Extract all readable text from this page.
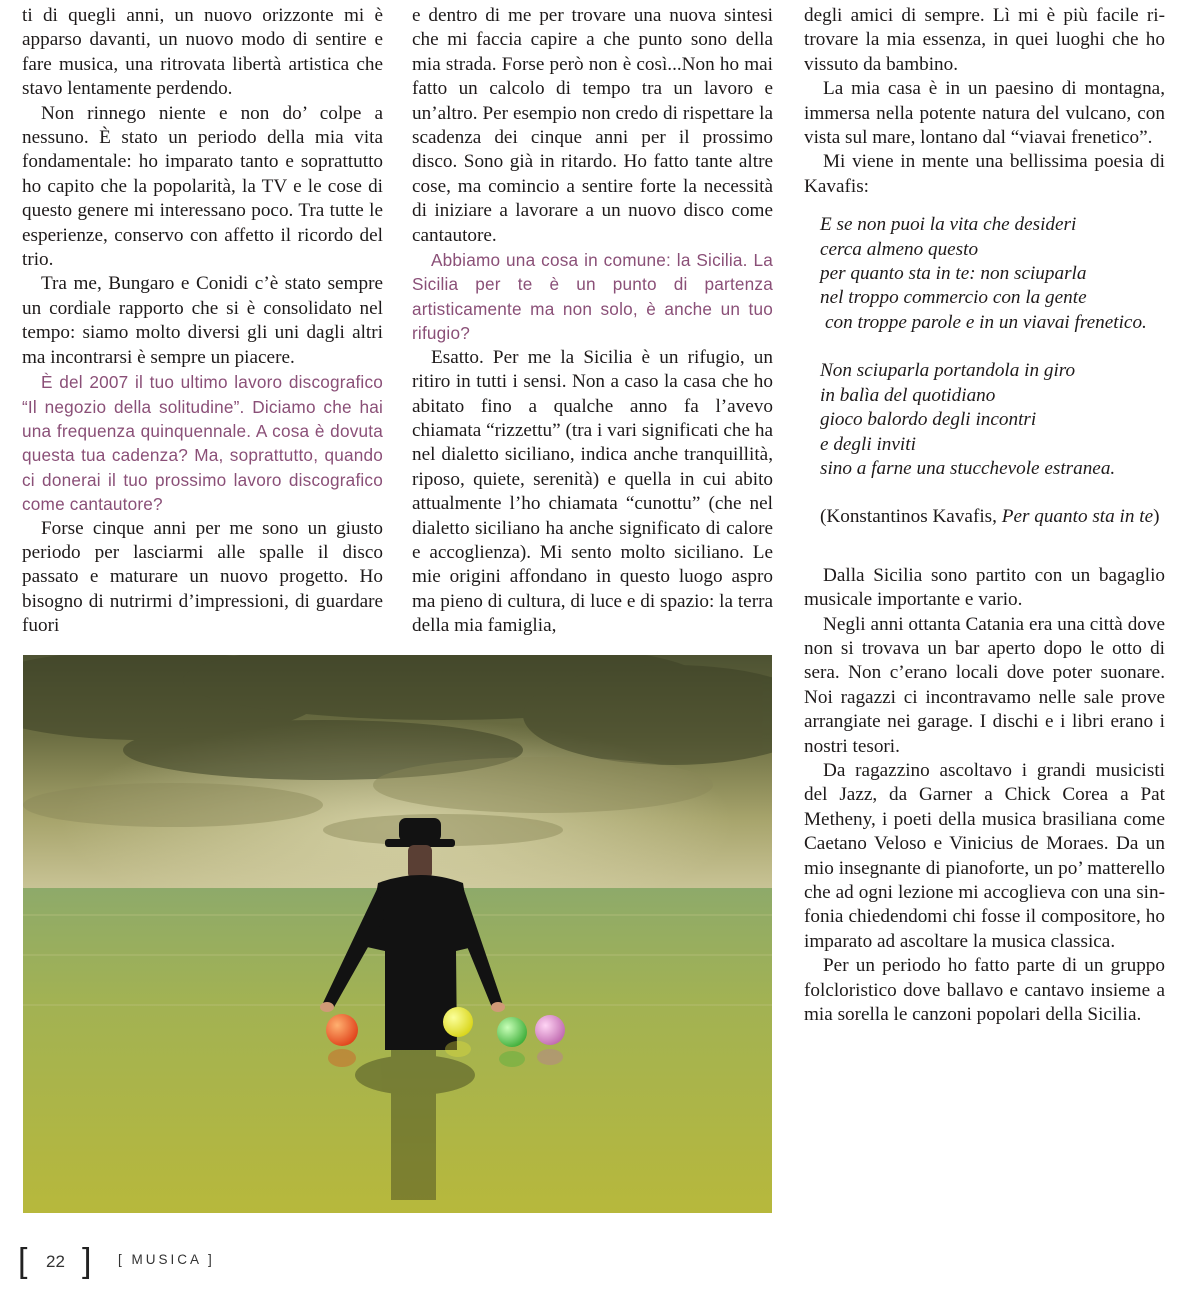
ti di quegli anni, un nuovo orizzonte mi è apparso davanti, un nuovo modo di sentire e fare musica, una ritrovata libertà artistica che stavo lentamente perdendo.

Non rinnego niente e non do’ colpe a nessuno. È stato un periodo della mia vita fondamentale: ho imparato tanto e soprattutto ho capito che la popolarità, la TV e le cose di questo genere mi interessano poco. Tra tutte le esperienze, conservo con affetto il ricordo del trio.

Tra me, Bungaro e Conidi c’è stato sempre un cordiale rapporto che si è consolidato nel tempo: siamo molto diversi gli uni dagli altri ma incontrarsi è sempre un piacere.

È del 2007 il tuo ultimo lavoro discografico “Il negozio della solitudine”. Diciamo che hai una frequenza quinquennale. A cosa è dovuta questa tua cadenza? Ma, soprattutto, quando ci donerai il tuo prossimo lavoro discografico come cantautore?

Forse cinque anni per me sono un giusto periodo per lasciarmi alle spalle il disco passato e maturare un nuovo progetto. Ho bisogno di nutrirmi d’impressioni, di guardare fuori

e dentro di me per trovare una nuova sintesi che mi faccia capire a che punto sono della mia strada. Forse però non è così...Non ho mai fatto un calcolo di tempo tra un lavoro e un’altro. Per esempio non credo di rispettare la scadenza dei cinque anni per il prossimo disco. Sono già in ritardo. Ho fatto tante altre cose, ma comincio a sentire forte la necessità di iniziare a lavorare a un nuovo disco come cantautore.

Abbiamo una cosa in comune: la Sicilia. La Sicilia per te è un punto di partenza artisticamente ma non solo, è anche un tuo rifugio?

Esatto. Per me la Sicilia è un rifugio, un ritiro in tutti i sensi. Non a caso la casa che ho abitato fino a qualche anno fa l’avevo chiamata “rizzettu” (tra i vari significati che ha nel dialetto siciliano, indica anche tranquillità, riposo, quiete, serenità) e quella in cui abito attualmente l’ho chiamata “cunottu” (che nel dialetto siciliano ha anche significato di calore e accoglienza). Mi sento molto siciliano. Le mie origini affondano in questo luogo aspro ma pieno di cultura, di luce e di spazio: la terra della mia famiglia,

degli amici di sempre. Lì mi è più facile ritrovare la mia essenza, in quei luoghi che ho vissuto da bambino.

La mia casa è in un paesino di montagna, immersa nella potente natura del vulcano, con vista sul mare, lontano dal “viavai frenetico”.

Mi viene in mente una bellissima poesia di Kavafis:

E se non puoi la vita che desideri
cerca almeno questo
per quanto sta in te: non sciuparla
nel troppo commercio con la gente
con troppe parole e in un viavai frenetico.
Non sciuparla portandola in giro
in balìa del quotidiano
gioco balordo degli incontri
e degli inviti
sino a farne una stucchevole estranea.
(Konstantinos Kavafis, Per quanto sta in te)

Dalla Sicilia sono partito con un bagaglio musicale importante e vario.

Negli anni ottanta Catania era una città dove non si trovava un bar aperto dopo le otto di sera. Non c’erano locali dove poter suonare. Noi ragazzi ci incontravamo nelle sale prove arrangiate nei garage. I dischi e i libri erano i nostri tesori.

Da ragazzino ascoltavo i grandi musicisti del Jazz, da Garner a Chick Corea a Pat Metheny, i poeti della musica brasiliana come Caetano Veloso e Vinicius de Moraes. Da un mio insegnante di pianoforte, un po’ matterello che ad ogni lezione mi accoglieva con una sinfonia chiedendomi chi fosse il compositore, ho imparato ad ascoltare la musica classica.

Per un periodo ho fatto parte di un gruppo folcloristico dove ballavo e cantavo insieme a mia sorella le canzoni popolari della Sicilia.

[ 22 ] [ MUSICA ]
